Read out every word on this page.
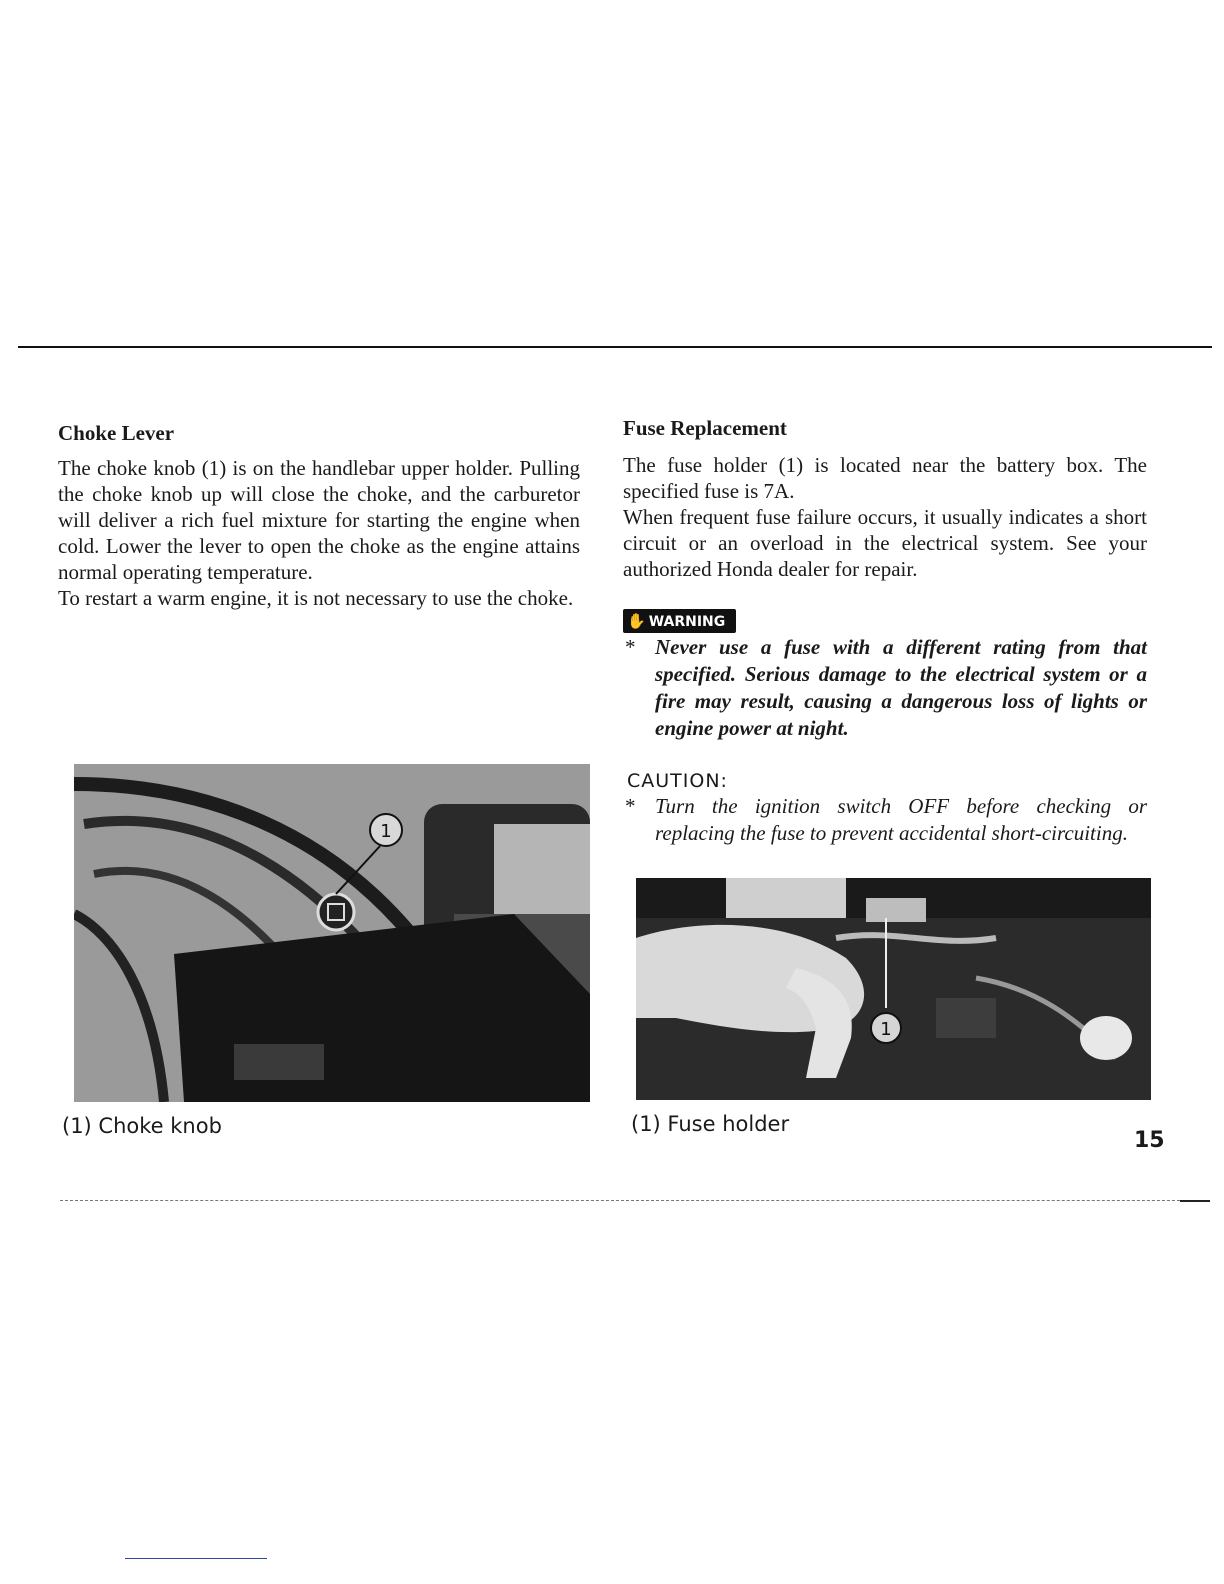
Choke Lever

The choke knob (1) is on the handlebar upper holder. Pulling the choke knob up will close the choke, and the carburetor will deliver a rich fuel mixture for starting the engine when cold. Lower the lever to open the choke as the engine attains normal operating temperature.

To restart a warm engine, it is not necessary to use the choke.

1
(1) Choke knob
Fuse Replacement

The fuse holder (1) is located near the battery box. The specified fuse is 7A.

When frequent fuse failure occurs, it usually indicates a short circuit or an overload in the electrical system. See your authorized Honda dealer for repair.

✋ WARNING
* Never use a fuse with a different rating from that specified. Serious damage to the electrical system or a fire may result, causing a dangerous loss of lights or engine power at night.
CAUTION:
* Turn the ignition switch OFF before checking or replacing the fuse to prevent accidental short-circuiting.
1
(1) Fuse holder
15
